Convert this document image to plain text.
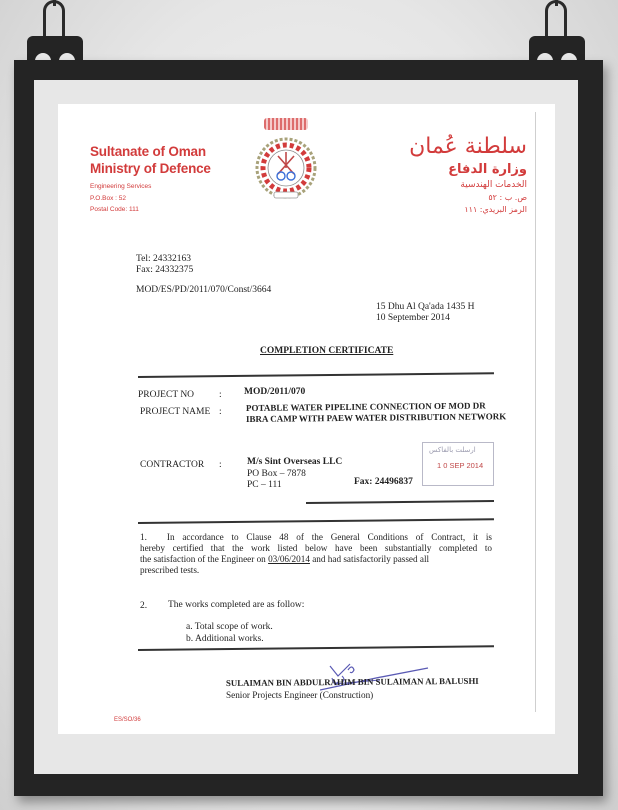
Sultanate of Oman
Ministry of Defence
Engineering Services
P.O.Box : 52
Postal Code: 111
سلطنة عُمان
وزارة الدفاع
الخدمات الهندسية
ص. ب : ٥٢
الرمز البريدي: ١١١
Tel: 24332163
Fax: 24332375
MOD/ES/PD/2011/070/Const/3664
15 Dhu Al Qa'ada 1435 H
10 September 2014
COMPLETION CERTIFICATE
PROJECT NO	: MOD/2011/070
PROJECT NAME :	POTABLE WATER PIPELINE CONNECTION OF MOD DR
IBRA CAMP WITH PAEW WATER DISTRIBUTION NETWORK
CONTRACTOR :	M/s Sint Overseas LLC
PO Box – 7878
PC – 111	Fax: 24496837
ارسلت بالفاكس
1 0 SEP 2014
1. In accordance to Clause 48 of the General Conditions of Contract, it is
hereby certified that the work listed below have been substantially completed to
the satisfaction of the Engineer on 03/06/2014 and had satisfactorily passed all
prescribed tests.
2. The works completed are as follow:
a. Total scope of work.
b. Additional works.
SULAIMAN BIN ABDULRAHIM BIN SULAIMAN AL BALUSHI
Senior Projects Engineer (Construction)
ES/SO/36
